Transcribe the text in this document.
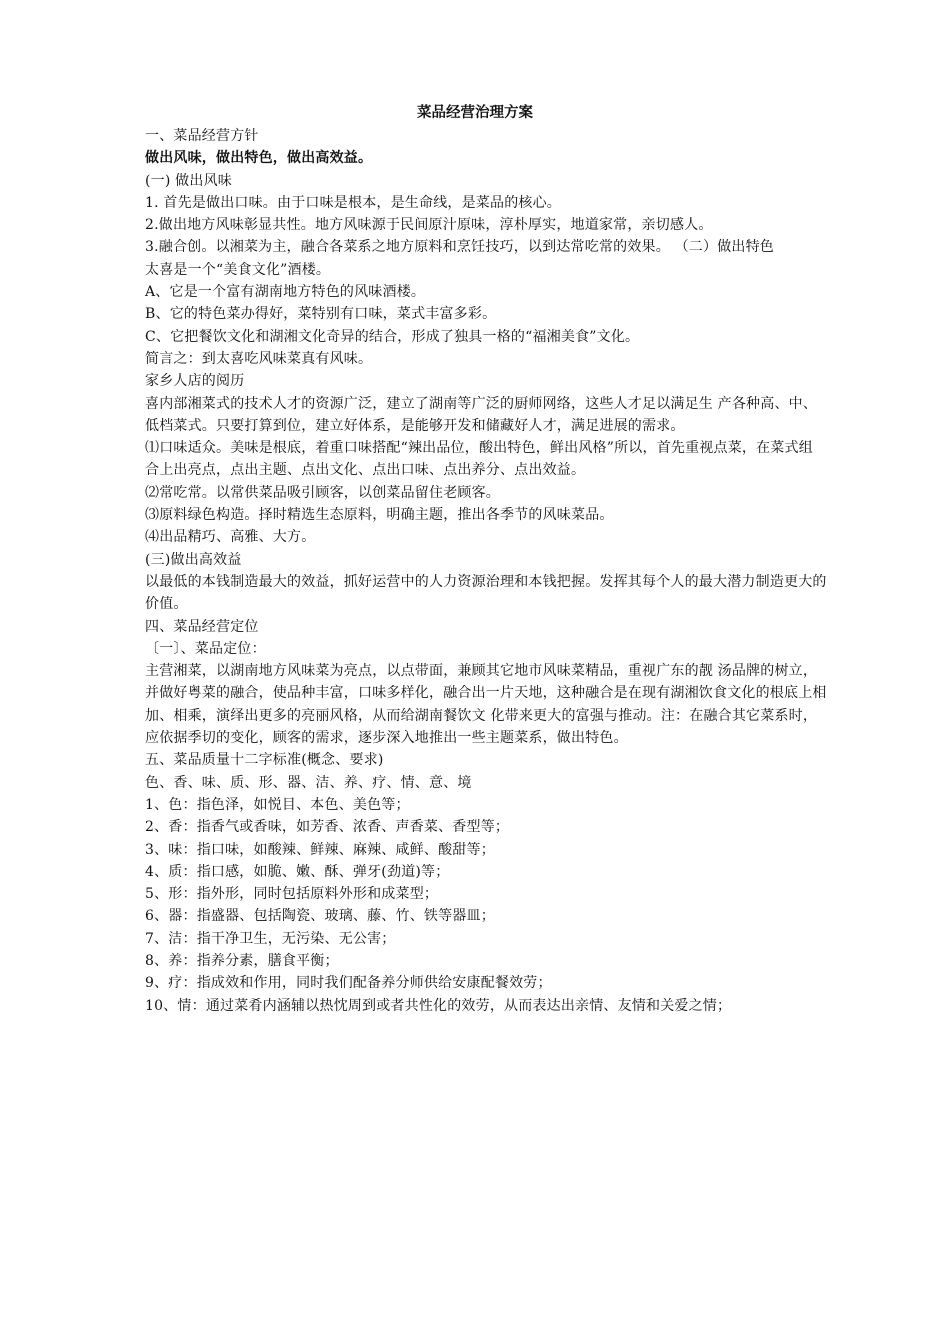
菜品经营治理方案

一、菜品经营方针

做出风味，做出特色，做出高效益。

(一) 做出风味

1. 首先是做出口味。由于口味是根本，是生命线，是菜品的核心。

2.做出地方风味彰显共性。地方风味源于民间原汁原味，淳朴厚实，地道家常，亲切感人。

3.融合创。以湘菜为主，融合各菜系之地方原料和烹饪技巧，以到达常吃常的效果。 （二）做出特色

太喜是一个“美食文化”酒楼。

A、它是一个富有湖南地方特色的风味酒楼。

B、它的特色菜办得好，菜特别有口味，菜式丰富多彩。

C、它把餐饮文化和湖湘文化奇异的结合，形成了独具一格的“福湘美食”文化。

简言之：到太喜吃风味菜真有风味。

家乡人店的阅历

喜内部湘菜式的技术人才的资源广泛，建立了湖南等广泛的厨师网络，这些人才足以满足生 产各种高、中、低档菜式。只要打算到位，建立好体系，是能够开发和储藏好人才，满足进展的需求。

⑴口味适众。美味是根底，着重口味搭配“辣出品位，酸出特色，鲜出风格”所以，首先重视点菜，在菜式组合上出亮点，点出主题、点出文化、点出口味、点出养分、点出效益。

⑵常吃常。以常供菜品吸引顾客，以创菜品留住老顾客。

⑶原料绿色构造。择时精选生态原料，明确主题，推出各季节的风味菜品。

⑷出品精巧、高雅、大方。

(三)做出高效益

以最低的本钱制造最大的效益，抓好运营中的人力资源治理和本钱把握。发挥其每个人的最大潜力制造更大的价值。

四、菜品经营定位

〔一〕、菜品定位：

主营湘菜，以湖南地方风味菜为亮点，以点带面，兼顾其它地市风味菜精品，重视广东的靓 汤品牌的树立，并做好粤菜的融合，使品种丰富，口味多样化，融合出一片天地，这种融合是在现有湖湘饮食文化的根底上相加、相乘，演绎出更多的亮丽风格，从而给湖南餐饮文 化带来更大的富强与推动。注：在融合其它菜系时，应依据季切的变化，顾客的需求，逐步深入地推出一些主题菜系，做出特色。

五、菜品质量十二字标准(概念、要求)

色、香、味、质、形、器、洁、养、疗、情、意、境

1、色：指色泽，如悦目、本色、美色等；

2、香：指香气或香味，如芳香、浓香、声香菜、香型等；

3、味：指口味，如酸辣、鲜辣、麻辣、咸鲜、酸甜等；

4、质：指口感，如脆、嫩、酥、弹牙(劲道)等；

5、形：指外形，同时包括原料外形和成菜型；

6、器：指盛器、包括陶瓷、玻璃、藤、竹、铁等器皿；

7、洁：指干净卫生，无污染、无公害；

8、养：指养分素，膳食平衡；

9、疗：指成效和作用，同时我们配备养分师供给安康配餐效劳；

10、情：通过菜肴内涵辅以热忱周到或者共性化的效劳，从而表达出亲情、友情和关爱之情；
